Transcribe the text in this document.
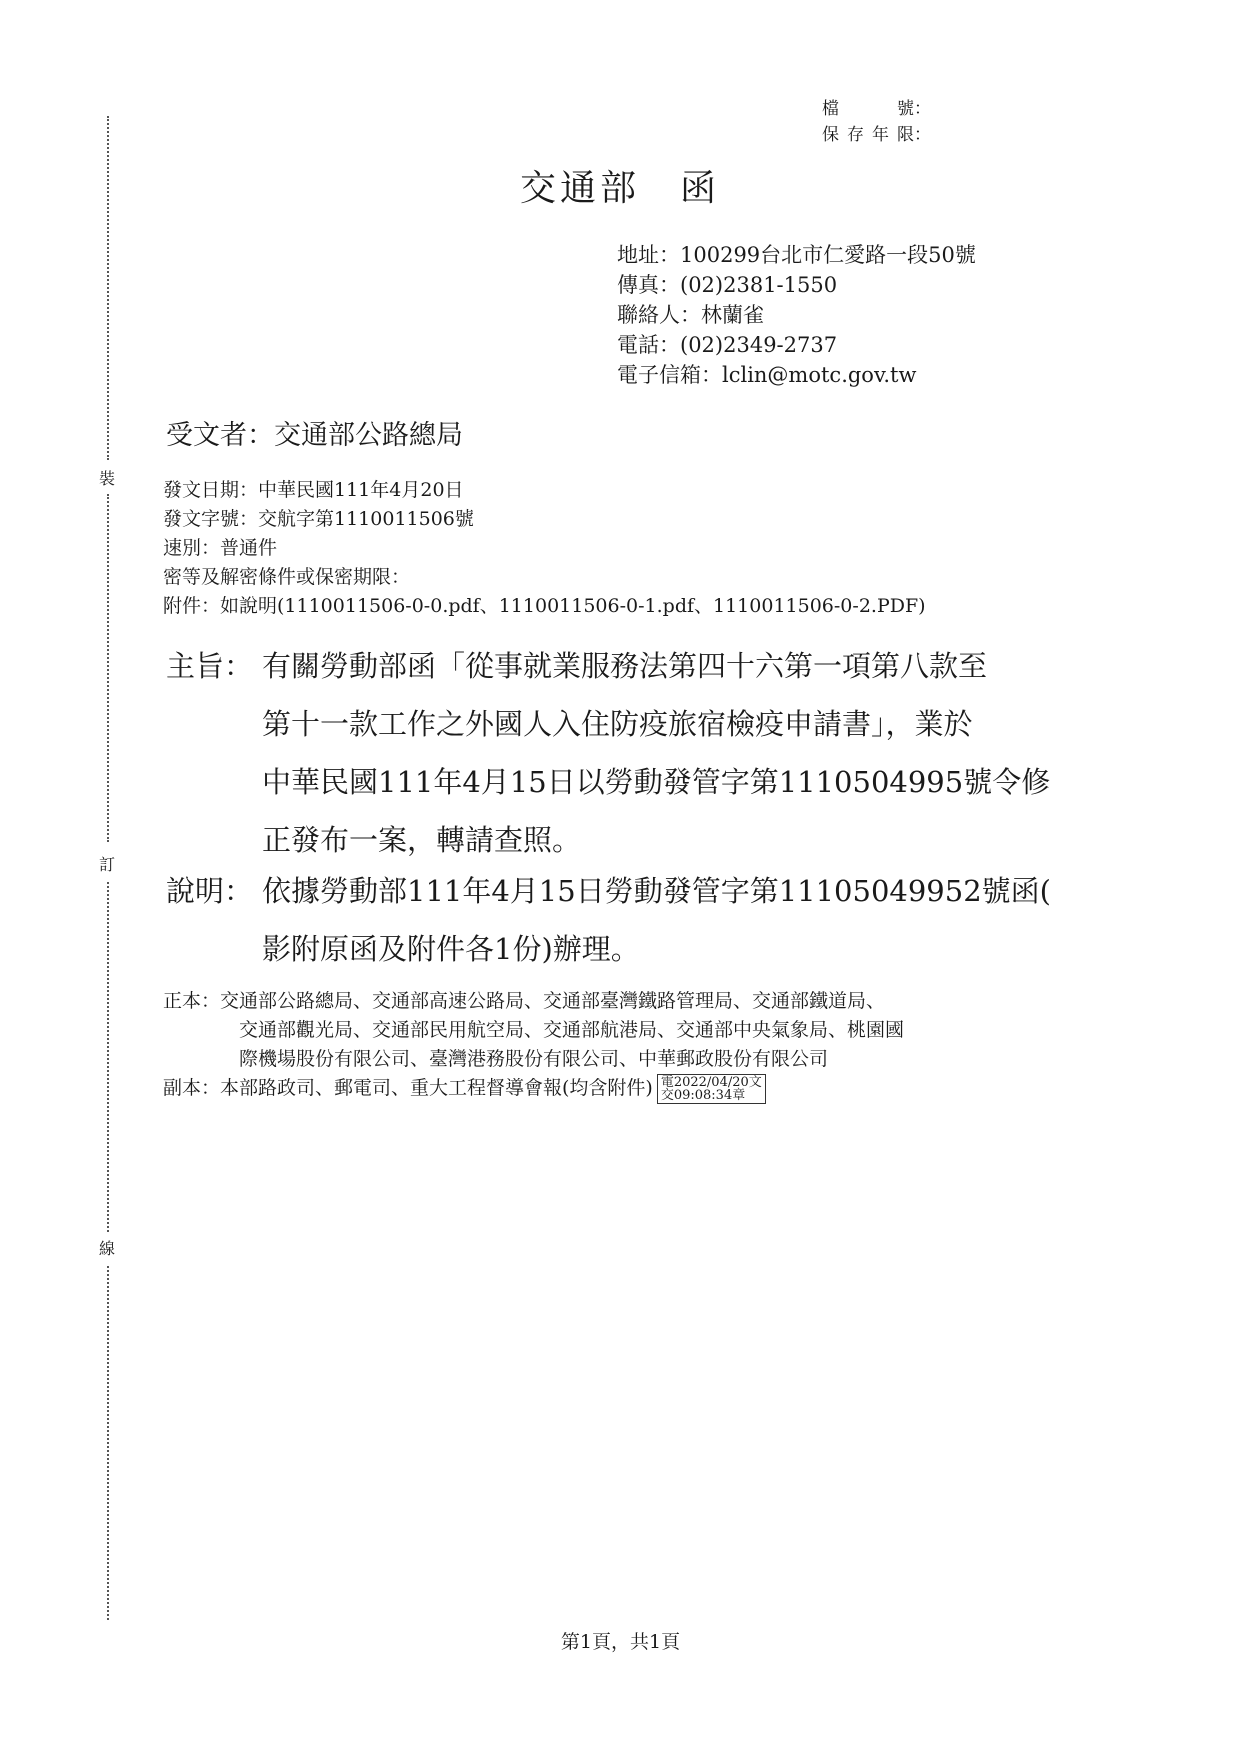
裝
訂
線
檔　號 ：
保存年限 ：
交通部 函
地址：100299台北市仁愛路一段50號
傳真：(02)2381-1550
聯絡人：林蘭雀
電話：(02)2349-2737
電子信箱：lclin@motc.gov.tw
受文者：交通部公路總局
發文日期：中華民國111年4月20日
發文字號：交航字第1110011506號
速別：普通件
密等及解密條件或保密期限：
附件：如說明(1110011506-0-0.pdf、1110011506-0-1.pdf、1110011506-0-2.PDF)
主旨： 有關勞動部函「從事就業服務法第四十六第一項第八款至
第十一款工作之外國人入住防疫旅宿檢疫申請書」，業於
中華民國111年4月15日以勞動發管字第1110504995號令修
正發布一案，轉請查照。
說明： 依據勞動部111年4月15日勞動發管字第11105049952號函(
影附原函及附件各1份)辦理。
正本：交通部公路總局、交通部高速公路局、交通部臺灣鐵路管理局、交通部鐵道局、
交通部觀光局、交通部民用航空局、交通部航港局、交通部中央氣象局、桃園國
際機場股份有限公司、臺灣港務股份有限公司、中華郵政股份有限公司
副本：本部路政司、郵電司、重大工程督導會報(均含附件) 電2022/04/20文
交09:08:34章
第1頁，共1頁
